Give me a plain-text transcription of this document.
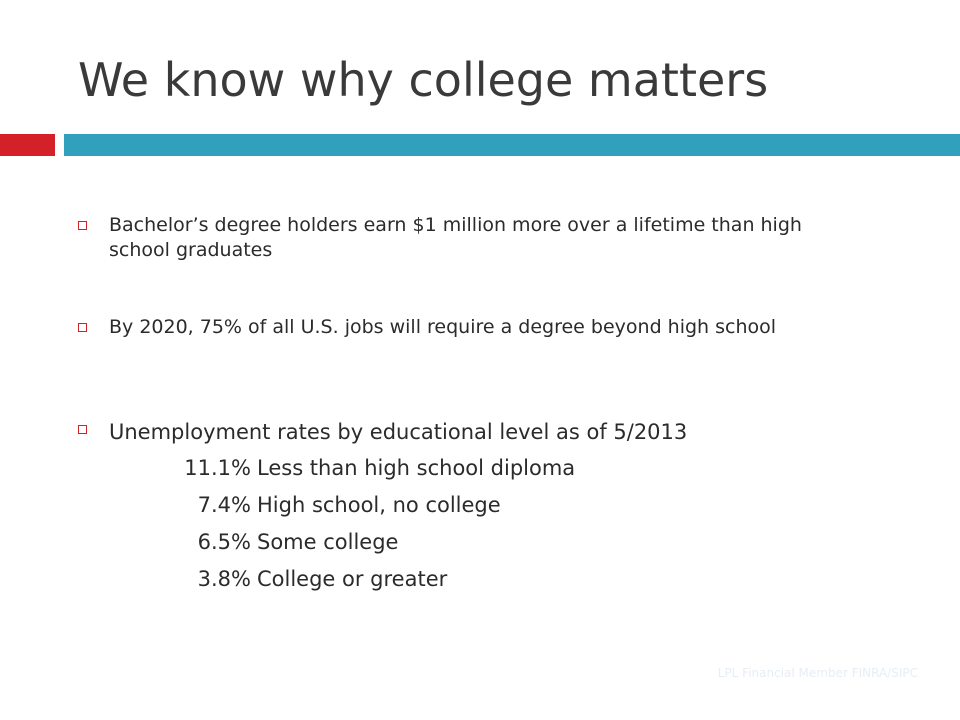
We know why college matters
Bachelor’s degree holders earn $1 million more over a lifetime than high school graduates
By 2020, 75% of all U.S. jobs will require a degree beyond high school
Unemployment rates by educational level as of 5/2013
11.1% Less than high school diploma
7.4% High school, no college
6.5% Some college
3.8% College or greater
LPL Financial Member FINRA/SIPC
